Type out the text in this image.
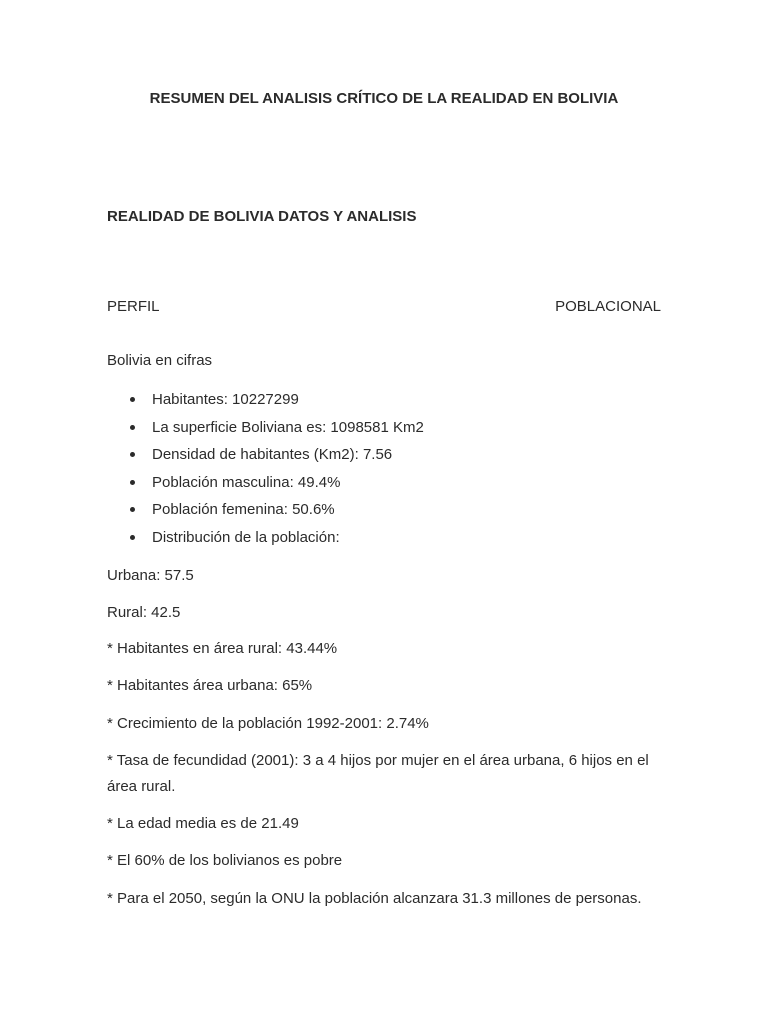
RESUMEN DEL ANALISIS CRÍTICO DE LA REALIDAD EN BOLIVIA
REALIDAD DE BOLIVIA DATOS Y ANALISIS
PERFIL	POBLACIONAL
Bolivia en cifras
Habitantes: 10227299
La superficie Boliviana es: 1098581 Km2
Densidad de habitantes (Km2): 7.56
Población masculina: 49.4%
Población femenina: 50.6%
Distribución de la población:
Urbana: 57.5
Rural: 42.5
* Habitantes en área rural: 43.44%
* Habitantes área urbana: 65%
* Crecimiento de la población 1992-2001: 2.74%
* Tasa de fecundidad (2001): 3 a 4 hijos por mujer en el área urbana, 6 hijos en el área rural.
* La edad media es de 21.49
* El 60% de los bolivianos es pobre
* Para el 2050, según la ONU la población alcanzara 31.3 millones de personas.
